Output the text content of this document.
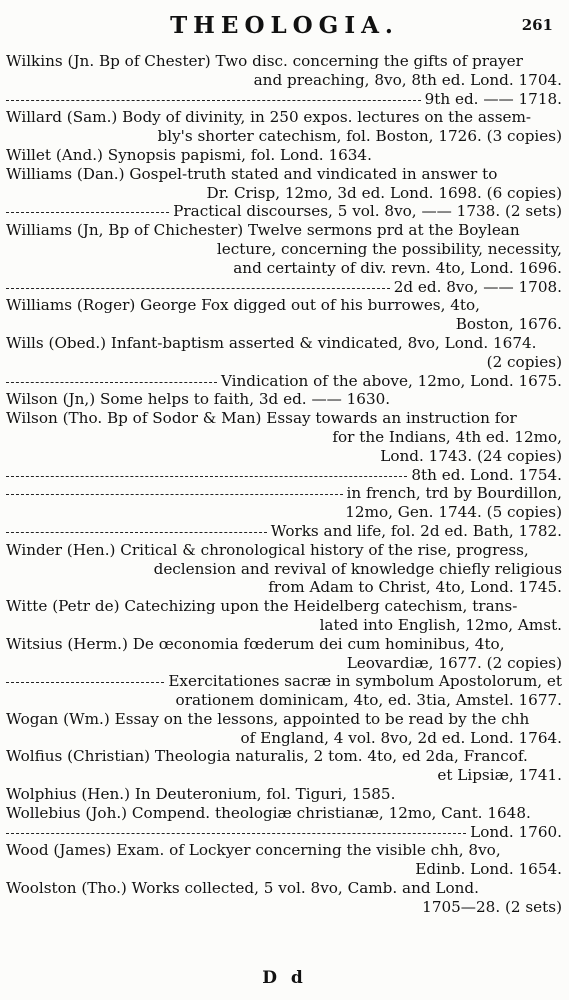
THEOLOGIA.	261
Wilkins (Jn. Bp of Chester) Two disc. concerning the gifts of prayer
and preaching, 8vo, 8th ed. Lond. 1704.
9th ed. —— 1718.
Willard (Sam.) Body of divinity, in 250 expos. lectures on the assem-
bly's shorter catechism, fol. Boston, 1726. (3 copies)
Willet (And.) Synopsis papismi, fol. Lond. 1634.
Williams (Dan.) Gospel-truth stated and vindicated in answer to
Dr. Crisp, 12mo, 3d ed. Lond. 1698. (6 copies)
Practical discourses, 5 vol. 8vo, —— 1738. (2 sets)
Williams (Jn, Bp of Chichester) Twelve sermons prd at the Boylean
lecture, concerning the possibility, necessity,
and certainty of div. revn. 4to, Lond. 1696.
2d ed. 8vo, —— 1708.
Williams (Roger) George Fox digged out of his burrowes, 4to,
Boston, 1676.
Wills (Obed.) Infant-baptism asserted & vindicated, 8vo, Lond. 1674.
(2 copies)
Vindication of the above, 12mo, Lond. 1675.
Wilson (Jn,) Some helps to faith, 3d ed. —— 1630.
Wilson (Tho. Bp of Sodor & Man) Essay towards an instruction for
for the Indians, 4th ed. 12mo,
Lond. 1743. (24 copies)
8th ed. Lond. 1754.
in french, trd by Bourdillon,
12mo, Gen. 1744. (5 copies)
Works and life, fol. 2d ed. Bath, 1782.
Winder (Hen.) Critical & chronological history of the rise, progress,
declension and revival of knowledge chiefly religious
from Adam to Christ, 4to, Lond. 1745.
Witte (Petr de) Catechizing upon the Heidelberg catechism, trans-
lated into English, 12mo, Amst.
Witsius (Herm.) De œconomia fœderum dei cum hominibus, 4to,
Leovardiæ, 1677. (2 copies)
Exercitationes sacræ in symbolum Apostolorum, et
orationem dominicam, 4to, ed. 3tia, Amstel. 1677.
Wogan (Wm.) Essay on the lessons, appointed to be read by the chh
of England, 4 vol. 8vo, 2d ed. Lond. 1764.
Wolfius (Christian) Theologia naturalis, 2 tom. 4to, ed 2da, Francof.
et Lipsiæ, 1741.
Wolphius (Hen.) In Deuteronium, fol. Tiguri, 1585.
Wollebius (Joh.) Compend. theologiæ christianæ, 12mo, Cant. 1648.
Lond. 1760.
Wood (James) Exam. of Lockyer concerning the visible chh, 8vo,
Edinb. Lond. 1654.
Woolston (Tho.) Works collected, 5 vol. 8vo, Camb. and Lond.
1705—28. (2 sets)
D d
